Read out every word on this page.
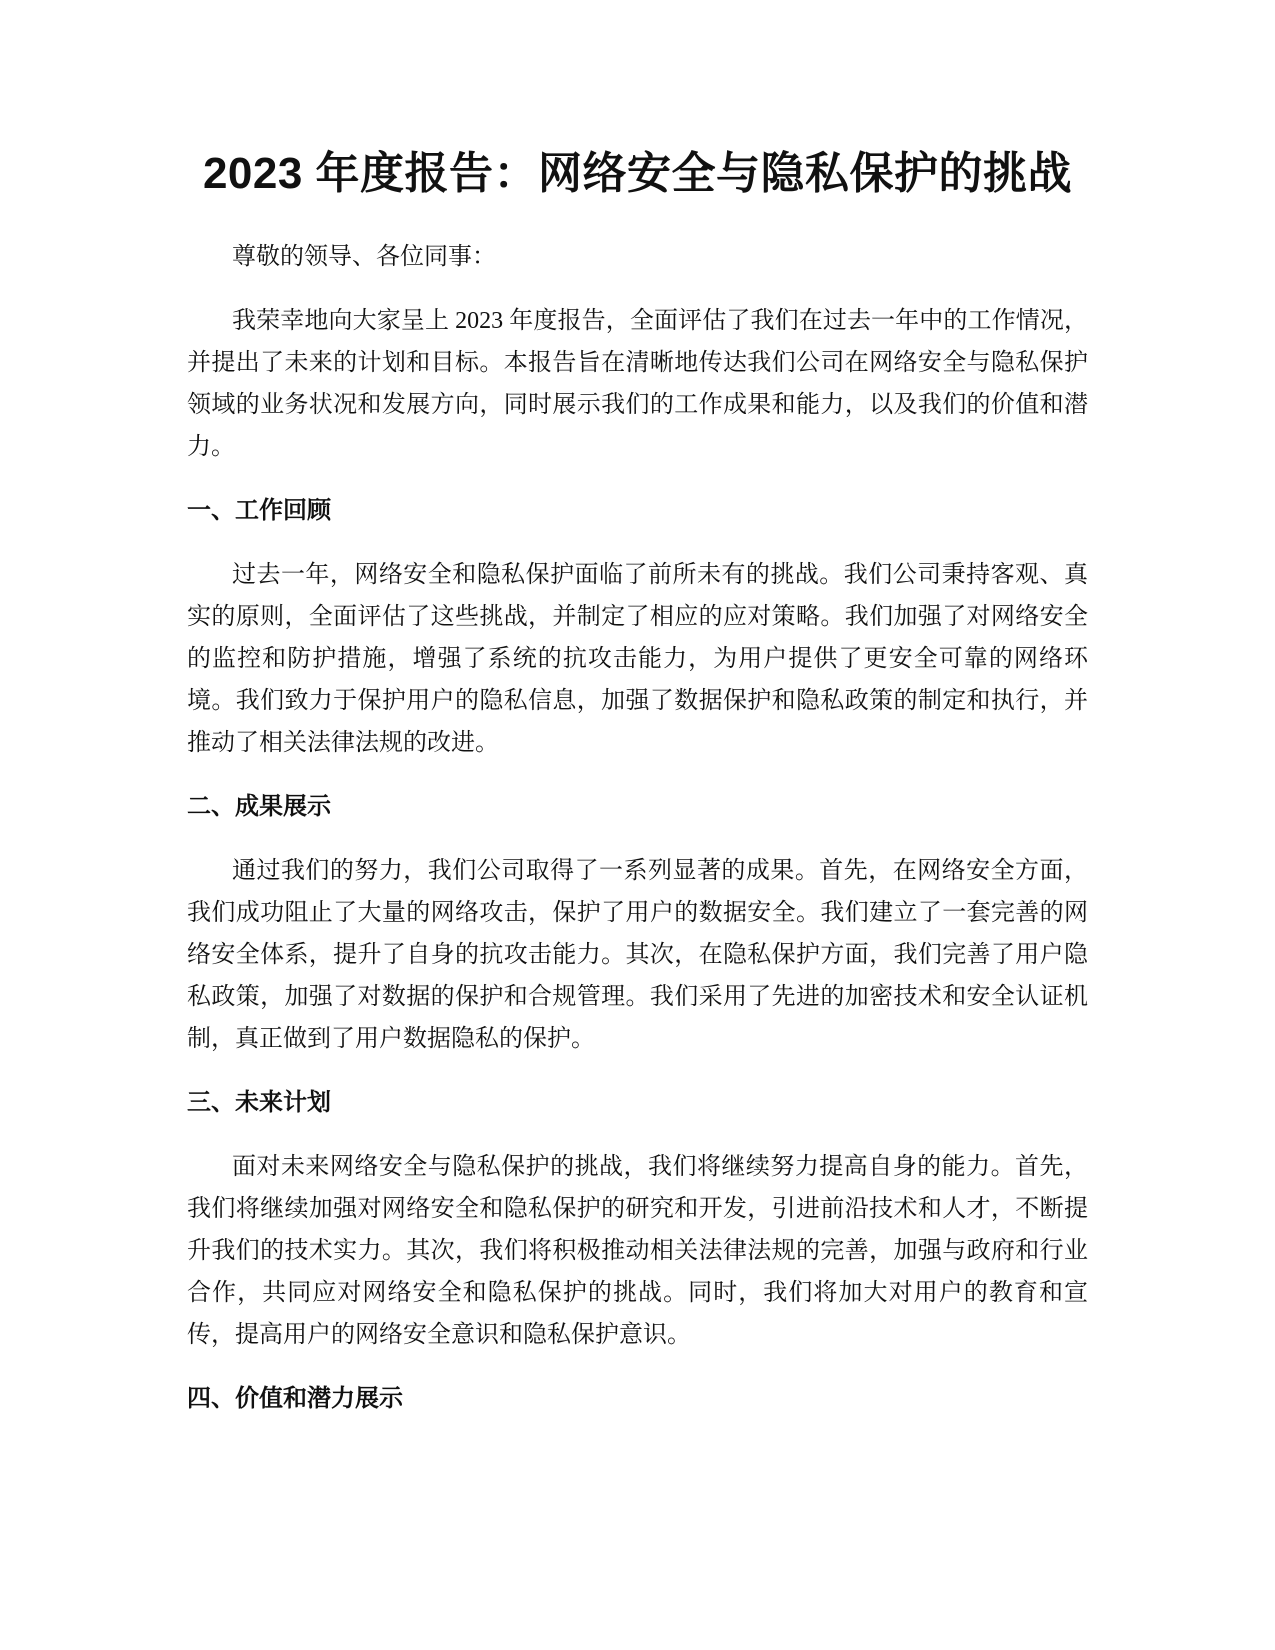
2023 年度报告：网络安全与隐私保护的挑战

尊敬的领导、各位同事：

我荣幸地向大家呈上 2023 年度报告，全面评估了我们在过去一年中的工作情况，并提出了未来的计划和目标。本报告旨在清晰地传达我们公司在网络安全与隐私保护领域的业务状况和发展方向，同时展示我们的工作成果和能力，以及我们的价值和潜力。

一、工作回顾

过去一年，网络安全和隐私保护面临了前所未有的挑战。我们公司秉持客观、真实的原则，全面评估了这些挑战，并制定了相应的应对策略。我们加强了对网络安全的监控和防护措施，增强了系统的抗攻击能力，为用户提供了更安全可靠的网络环境。我们致力于保护用户的隐私信息，加强了数据保护和隐私政策的制定和执行，并推动了相关法律法规的改进。

二、成果展示

通过我们的努力，我们公司取得了一系列显著的成果。首先，在网络安全方面，我们成功阻止了大量的网络攻击，保护了用户的数据安全。我们建立了一套完善的网络安全体系，提升了自身的抗攻击能力。其次，在隐私保护方面，我们完善了用户隐私政策，加强了对数据的保护和合规管理。我们采用了先进的加密技术和安全认证机制，真正做到了用户数据隐私的保护。

三、未来计划

面对未来网络安全与隐私保护的挑战，我们将继续努力提高自身的能力。首先，我们将继续加强对网络安全和隐私保护的研究和开发，引进前沿技术和人才，不断提升我们的技术实力。其次，我们将积极推动相关法律法规的完善，加强与政府和行业合作，共同应对网络安全和隐私保护的挑战。同时，我们将加大对用户的教育和宣传，提高用户的网络安全意识和隐私保护意识。

四、价值和潜力展示
